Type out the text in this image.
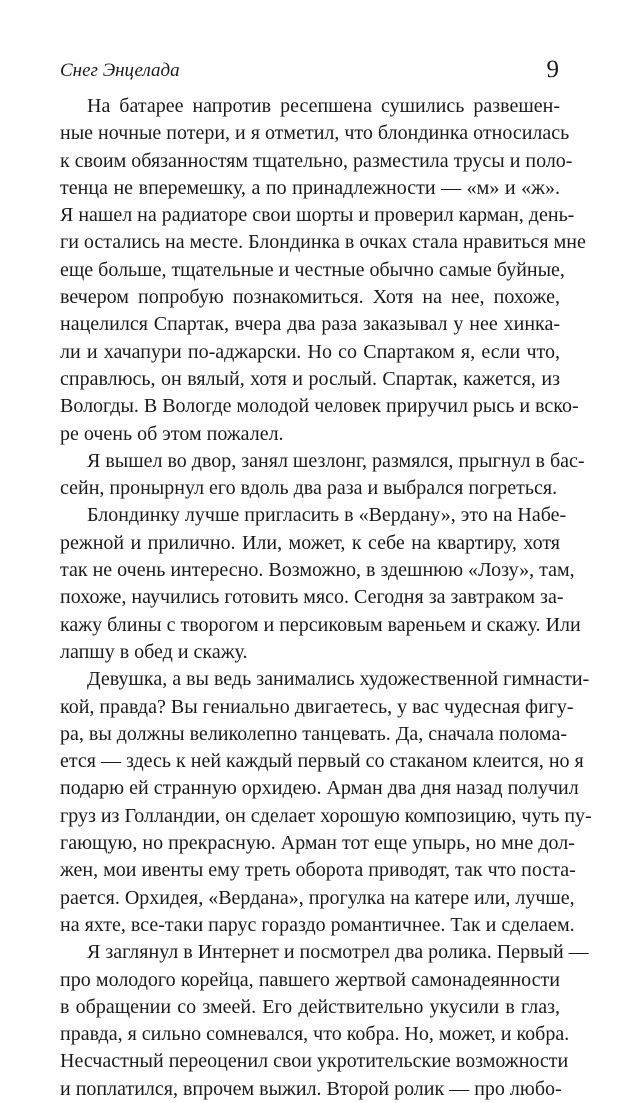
Снег Энцелада	9
На батарее напротив ресепшена сушились развешен-
ные ночные потери, и я отметил, что блондинка относилась
к своим обязанностям тщательно, разместила трусы и поло-
тенца не вперемешку, а по принадлежности — «м» и «ж».
Я нашел на радиаторе свои шорты и проверил карман, день-
ги остались на месте. Блондинка в очках стала нравиться мне
еще больше, тщательные и честные обычно самые буйные,
вечером попробую познакомиться. Хотя на нее, похоже,
нацелился Спартак, вчера два раза заказывал у нее хинка-
ли и хачапури по-аджарски. Но со Спартаком я, если что,
справлюсь, он вялый, хотя и рослый. Спартак, кажется, из
Вологды. В Вологде молодой человек приручил рысь и вско-
ре очень об этом пожалел.
Я вышел во двор, занял шезлонг, размялся, прыгнул в бас-
сейн, пронырнул его вдоль два раза и выбрался погреться.
Блондинку лучше пригласить в «Вердану», это на Набе-
режной и прилично. Или, может, к себе на квартиру, хотя
так не очень интересно. Возможно, в здешнюю «Лозу», там,
похоже, научились готовить мясо. Сегодня за завтраком за-
кажу блины с творогом и персиковым вареньем и скажу. Или
лапшу в обед и скажу.
Девушка, а вы ведь занимались художественной гимнасти-
кой, правда? Вы гениально двигаетесь, у вас чудесная фигу-
ра, вы должны великолепно танцевать. Да, сначала полома-
ется — здесь к ней каждый первый со стаканом клеится, но я
подарю ей странную орхидею. Арман два дня назад получил
груз из Голландии, он сделает хорошую композицию, чуть пу-
гающую, но прекрасную. Арман тот еще упырь, но мне дол-
жен, мои ивенты ему треть оборота приводят, так что поста-
рается. Орхидея, «Вердана», прогулка на катере или, лучше,
на яхте, все-таки парус гораздо романтичнее. Так и сделаем.
Я заглянул в Интернет и посмотрел два ролика. Первый —
про молодого корейца, павшего жертвой самонадеянности
в обращении со змеей. Его действительно укусили в глаз,
правда, я сильно сомневался, что кобра. Но, может, и кобра.
Несчастный переоценил свои укротительские возможности
и поплатился, впрочем выжил. Второй ролик — про любо-
